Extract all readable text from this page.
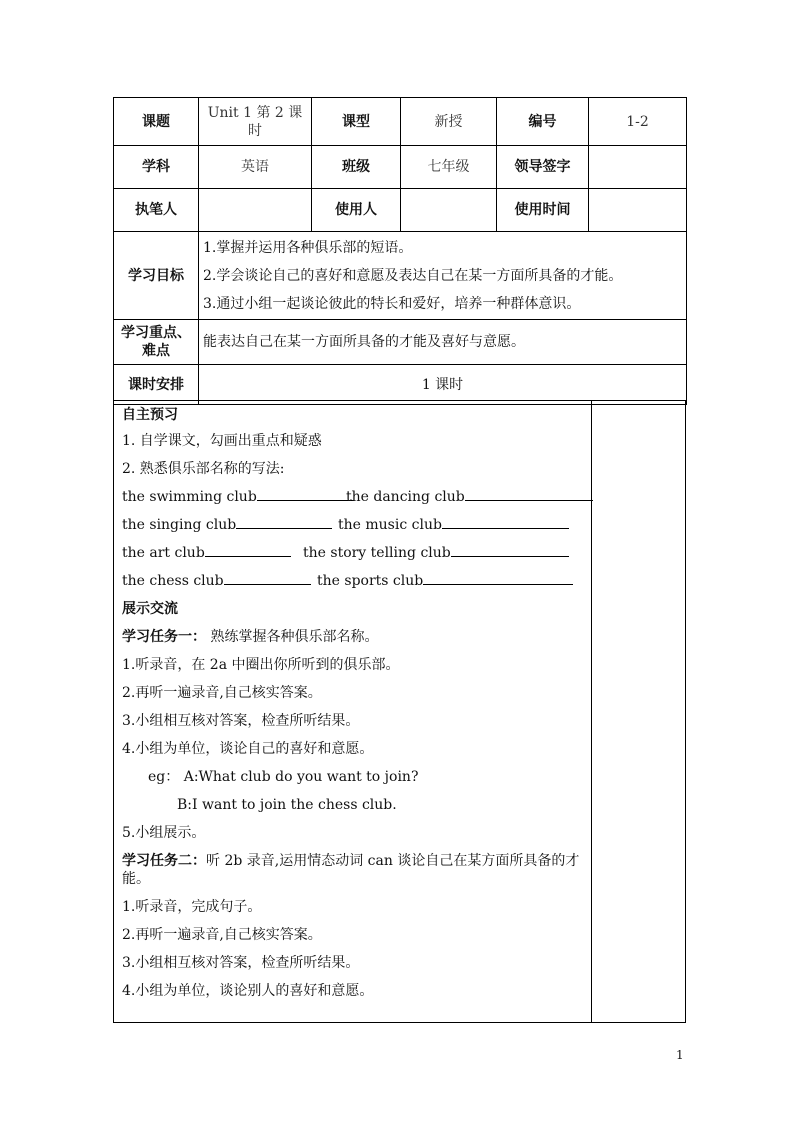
课题	Unit 1 第 2 课时	课型	新授	编号	1-2
学科	英语	班级	七年级	领导签字	
执笔人		使用人		使用时间	
学习目标	1.掌握并运用各种俱乐部的短语。
2.学会谈论自己的喜好和意愿及表达自己在某一方面所具备的才能。
3.通过小组一起谈论彼此的特长和爱好，培养一种群体意识。				

学习重点、难点	能表达自己在某一方面所具备的才能及喜好与意愿。				
课时安排	1 课时				
自主预习
1. 自学课文，勾画出重点和疑惑
2. 熟悉俱乐部名称的写法:
the swimming club	the dancing club
the singing club	the music club
the art club	the story telling club
the chess club	the sports club
展示交流
学习任务一： 熟练掌握各种俱乐部名称。
1.听录音，在 2a 中圈出你所听到的俱乐部。
2.再听一遍录音,自己核实答案。
3.小组相互核对答案，检查所听结果。
4.小组为单位，谈论自己的喜好和意愿。
eg： A:What club do you want to join?
B:I want to join the chess club.
5.小组展示。
学习任务二：听 2b 录音,运用情态动词 can 谈论自己在某方面所具备的才能。
1.听录音，完成句子。
2.再听一遍录音,自己核实答案。
3.小组相互核对答案，检查所听结果。
4.小组为单位，谈论别人的喜好和意愿。
1
